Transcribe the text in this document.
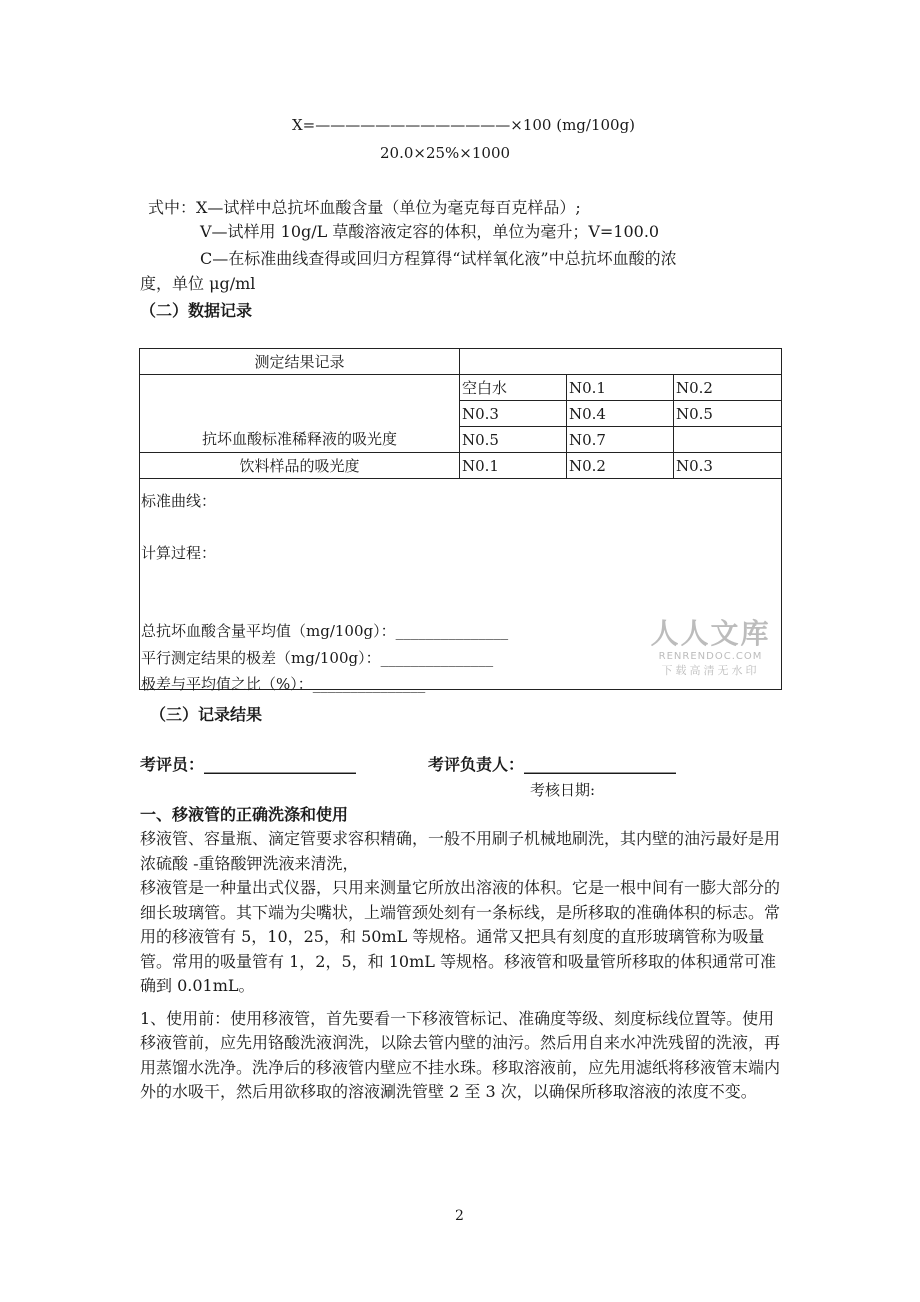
X=—————————————×100 (mg/100g)
20.0×25%×1000
式中：X—试样中总抗坏血酸含量（单位为毫克每百克样品）;
V—试样用 10g/L 草酸溶液定容的体积，单位为毫升；V=100.0
C—在标准曲线查得或回归方程算得“试样氧化液”中总抗坏血酸的浓
度，单位 μg/ml
（二）数据记录
测定结果记录			
抗坏血酸标准稀释液的吸光度	空白水	N0.1	N0.2
	N0.3	N0.4	N0.5
	N0.5	N0.7	
饮料样品的吸光度	N0.1	N0.2	N0.3

标准曲线：
计算过程：
总抗坏血酸含量平均值（mg/100g）：_______________
平行测定结果的极差（mg/100g）：_______________
极差与平均值之比（%）：_______________
人人文库
RENRENDOC.COM
下载高清无水印
（三）记录结果
考评员：___________________	考评负责人：___________________
考核日期:
一、移液管的正确洗涤和使用

移液管、容量瓶、滴定管要求容积精确，一般不用刷子机械地刷洗，其内壁的油污最好是用浓硫酸 -重铬酸钾洗液来清洗，

移液管是一种量出式仪器，只用来测量它所放出溶液的体积。它是一根中间有一膨大部分的细长玻璃管。其下端为尖嘴状，上端管颈处刻有一条标线，是所移取的准确体积的标志。常用的移液管有 5，10，25，和 50mL 等规格。通常又把具有刻度的直形玻璃管称为吸量管。常用的吸量管有 1，2，5，和 10mL 等规格。移液管和吸量管所移取的体积通常可准确到 0.01mL。

1、使用前：使用移液管，首先要看一下移液管标记、准确度等级、刻度标线位置等。使用移液管前，应先用铬酸洗液润洗，以除去管内壁的油污。然后用自来水冲洗残留的洗液，再用蒸馏水洗净。洗净后的移液管内壁应不挂水珠。移取溶液前，应先用滤纸将移液管末端内外的水吸干，然后用欲移取的溶液涮洗管壁 2 至 3 次，以确保所移取溶液的浓度不变。

2
